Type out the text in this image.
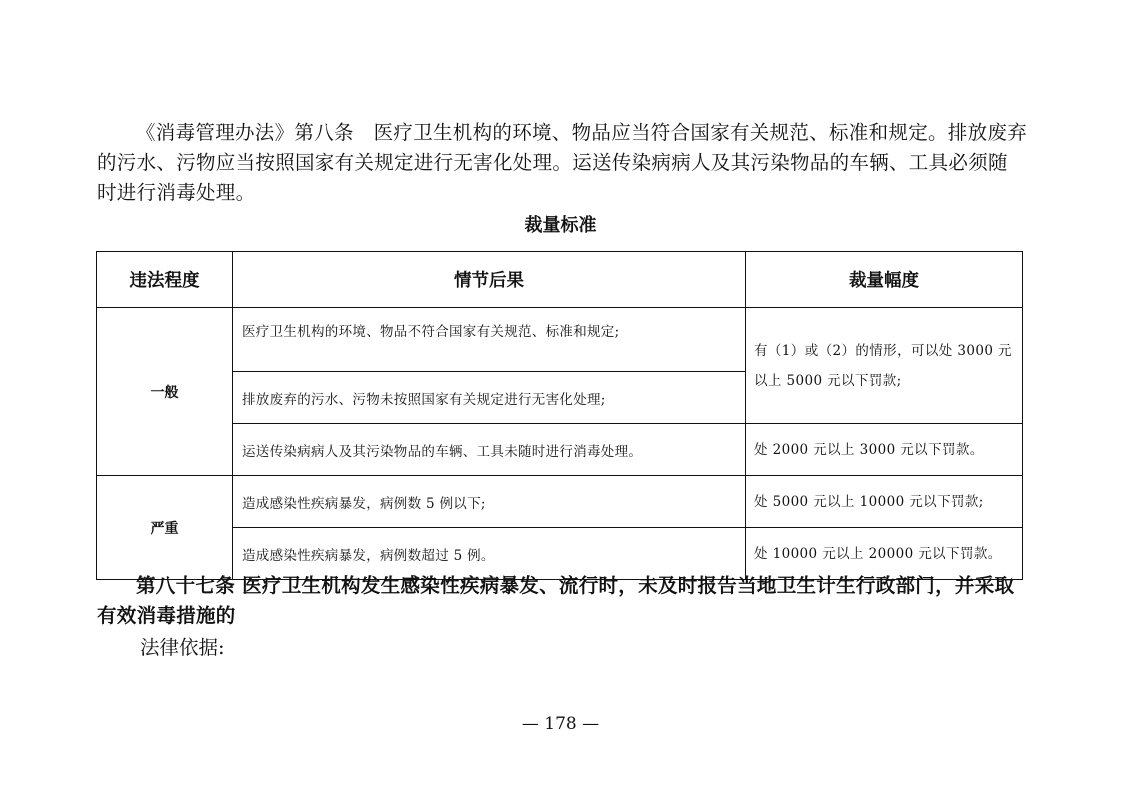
《消毒管理办法》第八条　医疗卫生机构的环境、物品应当符合国家有关规范、标准和规定。排放废弃的污水、污物应当按照国家有关规定进行无害化处理。运送传染病病人及其污染物品的车辆、工具必须随时进行消毒处理。

裁量标准
违法程度	情节后果	裁量幅度
一般	医疗卫生机构的环境、物品不符合国家有关规范、标准和规定;	有（1）或（2）的情形，可以处 3000 元以上 5000 元以下罚款;
	排放废弃的污水、污物未按照国家有关规定进行无害化处理;	
	运送传染病病人及其污染物品的车辆、工具未随时进行消毒处理。	处 2000 元以上 3000 元以下罚款。
严重	造成感染性疾病暴发，病例数 5 例以下;	处 5000 元以上 10000 元以下罚款;
	造成感染性疾病暴发，病例数超过 5 例。	处 10000 元以上 20000 元以下罚款。

第八十七条 医疗卫生机构发生感染性疾病暴发、流行时，未及时报告当地卫生计生行政部门，并采取有效消毒措施的

法律依据:

— 178 —
